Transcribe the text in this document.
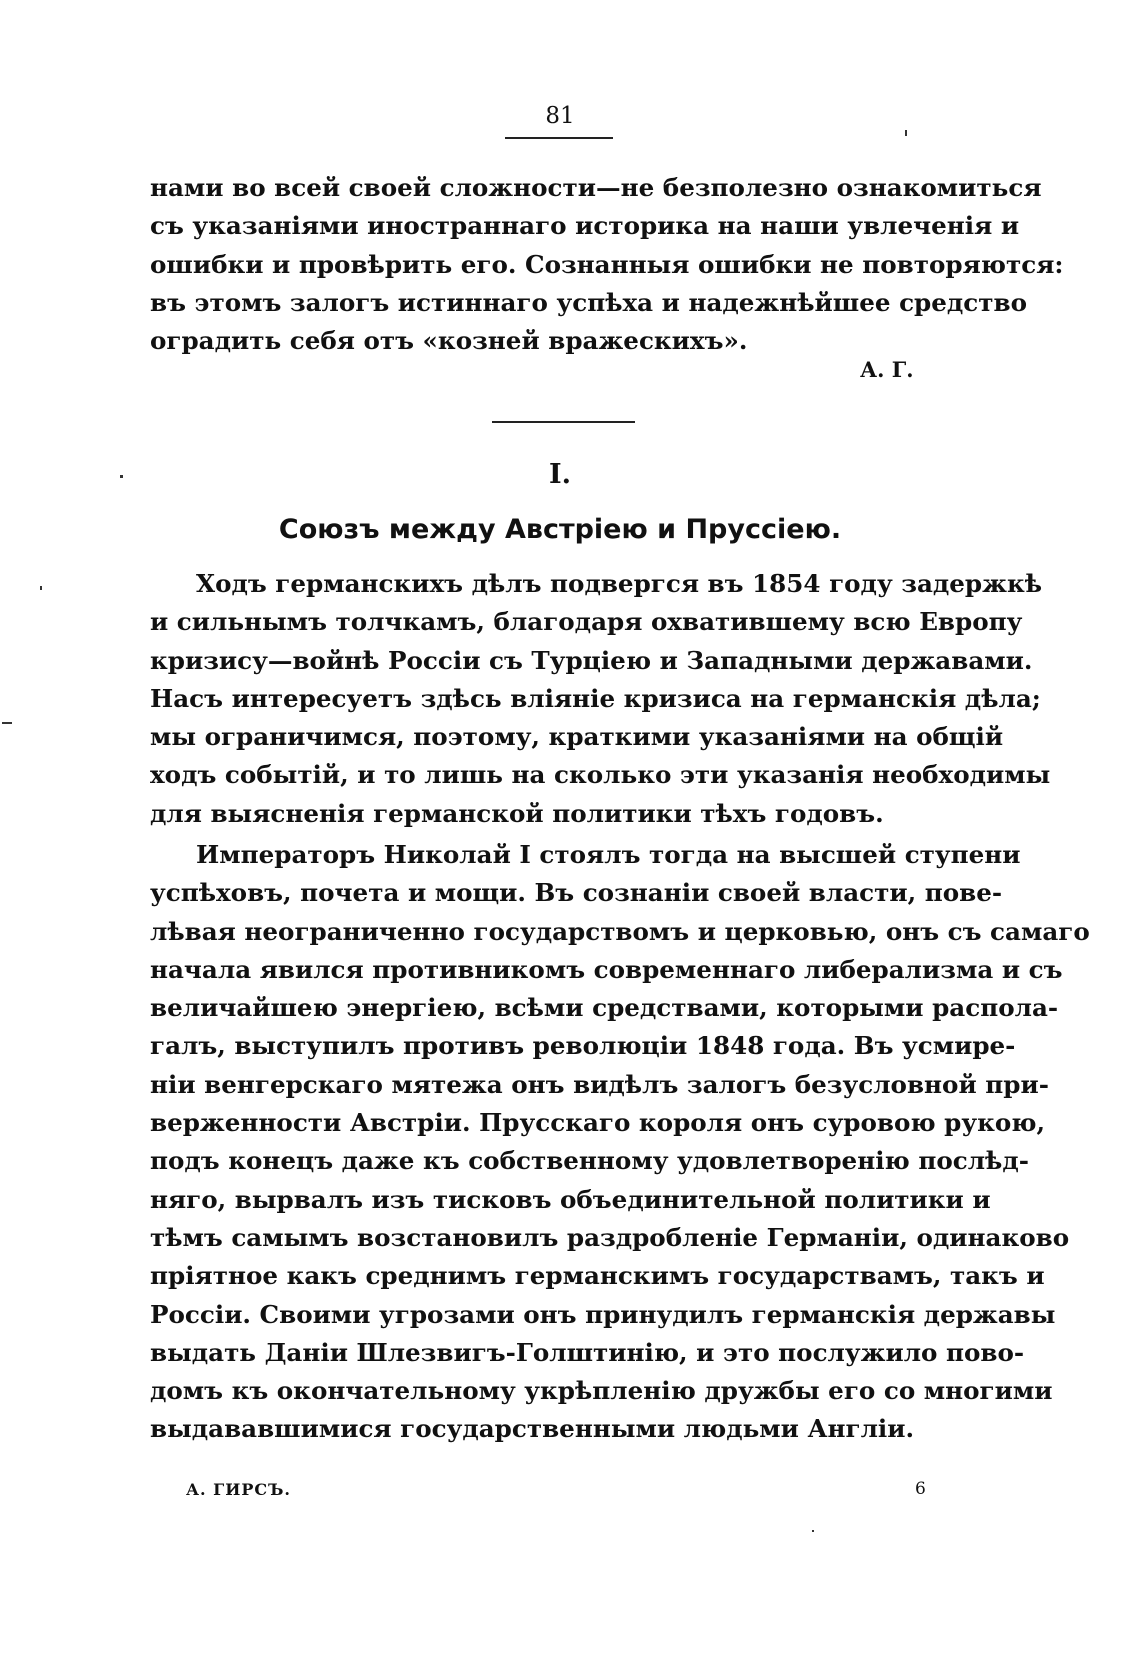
81
нами во всей своей сложности—не безполезно ознакомиться
съ указаніями иностраннаго историка на наши увлеченія и
ошибки и провѣрить его. Сознанныя ошибки не повторяются:
въ этомъ залогъ истиннаго успѣха и надежнѣйшее средство
оградить себя отъ «козней вражескихъ».
А. Г.
I.
Союзъ между Австріею и Пруссіею.
Ходъ германскихъ дѣлъ подвергся въ 1854 году задержкѣ
и сильнымъ толчкамъ, благодаря охватившему всю Европу
кризису—войнѣ Россіи съ Турціею и Западными державами.
Насъ интересуетъ здѣсь вліяніе кризиса на германскія дѣла;
мы ограничимся, поэтому, краткими указаніями на общій
ходъ событій, и то лишь на сколько эти указанія необходимы
для выясненія германской политики тѣхъ годовъ.
Императоръ Николай I стоялъ тогда на высшей ступени
успѣховъ, почета и мощи. Въ сознаніи своей власти, пове-
лѣвая неограниченно государствомъ и церковью, онъ съ самаго
начала явился противникомъ современнаго либерализма и съ
величайшею энергіею, всѣми средствами, которыми распола-
галъ, выступилъ противъ революціи 1848 года. Въ усмире-
ніи венгерскаго мятежа онъ видѣлъ залогъ безусловной при-
верженности Австріи. Прусскаго короля онъ суровою рукою,
подъ конецъ даже къ собственному удовлетворенію послѣд-
няго, вырвалъ изъ тисковъ объединительной политики и
тѣмъ самымъ возстановилъ раздробленіе Германіи, одинаково
пріятное какъ среднимъ германскимъ государствамъ, такъ и
Россіи. Своими угрозами онъ принудилъ германскія державы
выдать Даніи Шлезвигъ-Голштинію, и это послужило пово-
домъ къ окончательному укрѣпленію дружбы его со многими
выдававшимися государственными людьми Англіи.
А. ГИРСЪ.	6
